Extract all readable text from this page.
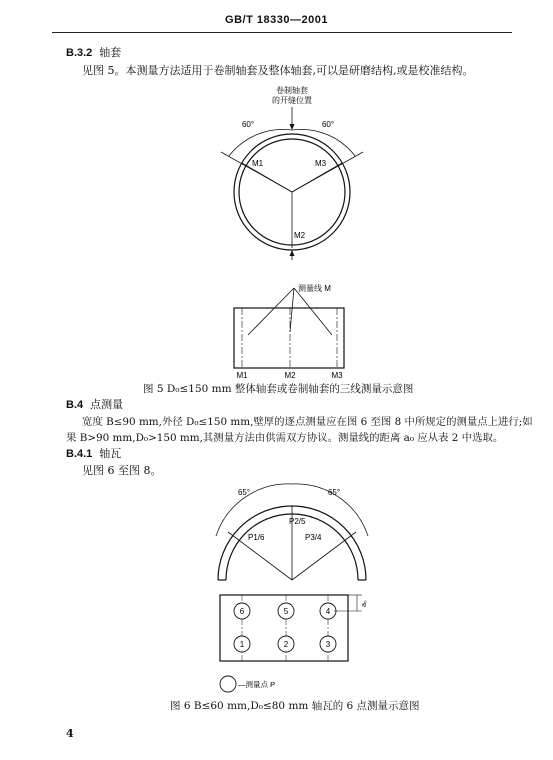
GB/T 18330—2001
B.3.2 轴套
见图 5。本测量方法适用于卷制轴套及整体轴套,可以是研磨结构,或是校准结构。
卷制轴套
的开缝位置
60°	60°
M1	M3
M2
测量线 M
M1	M2	M3
图 5 D₀≤150 mm 整体轴套或卷制轴套的三线测量示意图
B.4 点测量
宽度 B≤90 mm,外径 D₀≤150 mm,壁厚的逐点测量应在图 6 至图 8 中所规定的测量点上进行;如
果 B>90 mm,D₀>150 mm,其测量方法由供需双方协议。测量线的距离 a₀ 应从表 2 中选取。
B.4.1 轴瓦
见图 6 至图 8。
65°	65°
P2/5
P1/6	P3/4
6	5	4
1	2	3
a₀
—测量点 P
图 6 B≤60 mm,D₀≤80 mm 轴瓦的 6 点测量示意图
4
